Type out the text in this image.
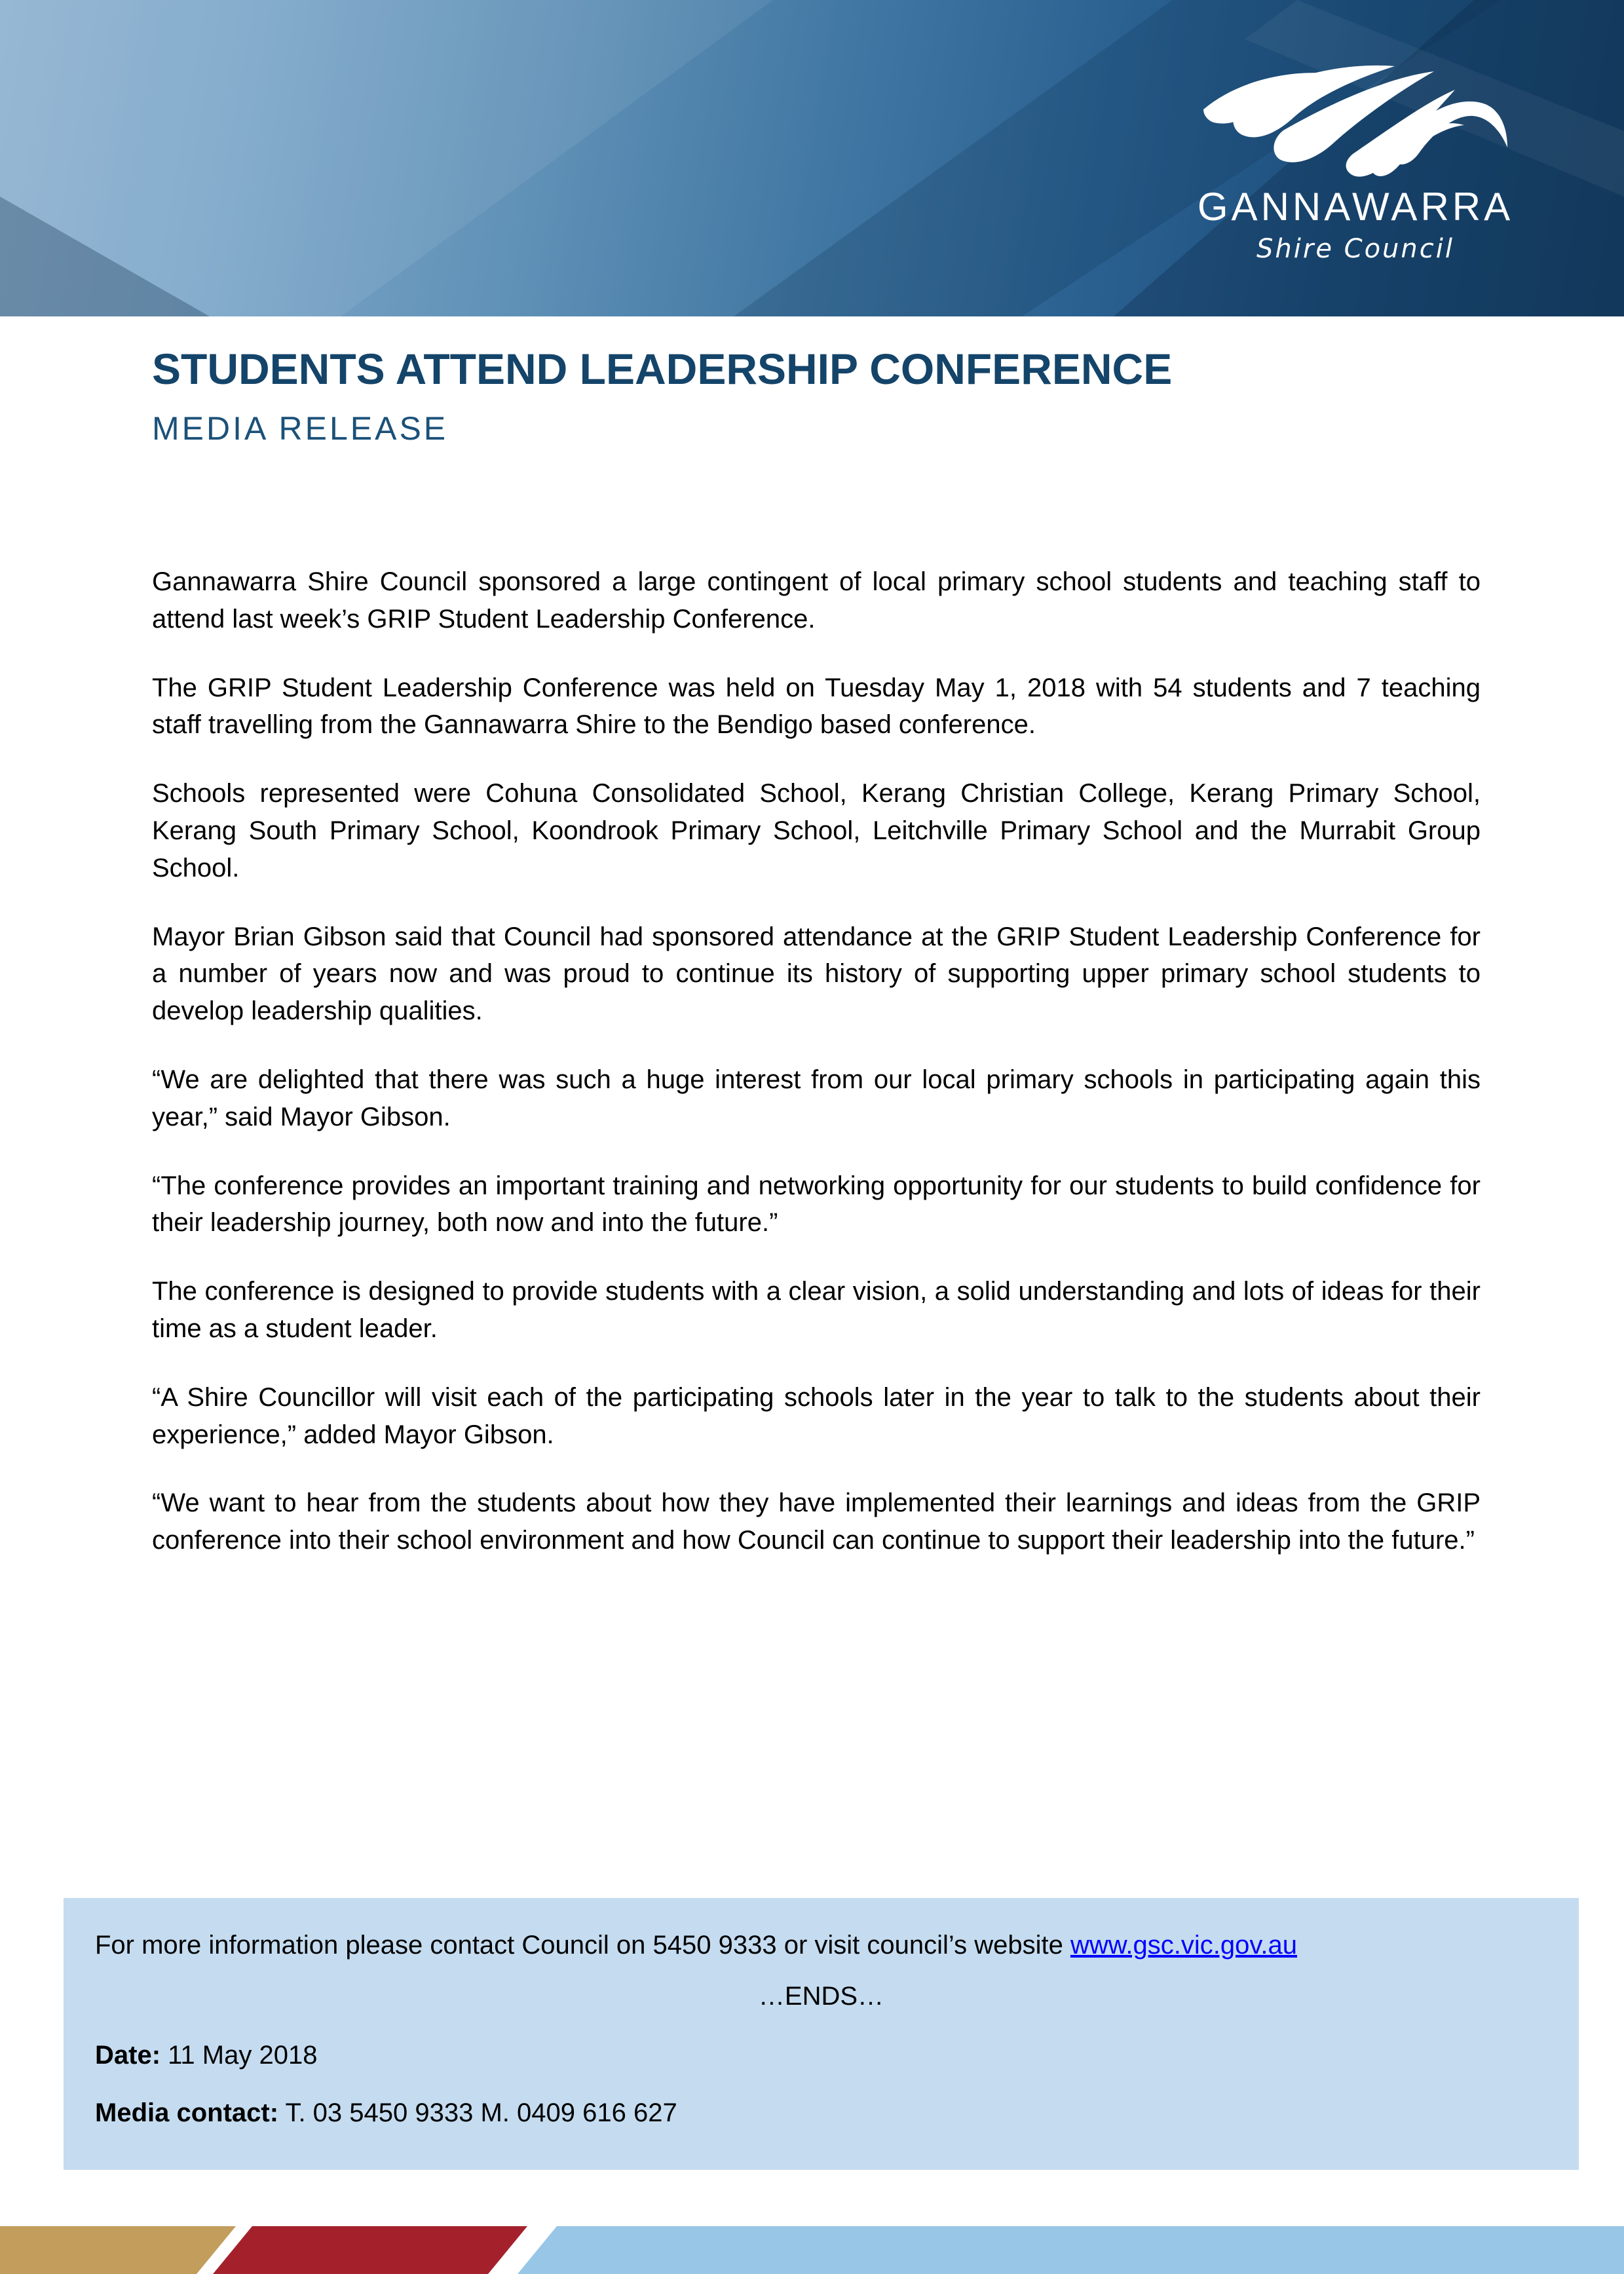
GANNAWARRA
Shire Council
STUDENTS ATTEND LEADERSHIP CONFERENCE
MEDIA RELEASE

Gannawarra Shire Council sponsored a large contingent of local primary school students and teaching staff to attend last week’s GRIP Student Leadership Conference.

The GRIP Student Leadership Conference was held on Tuesday May 1, 2018 with 54 students and 7 teaching staff travelling from the Gannawarra Shire to the Bendigo based conference.

Schools represented were Cohuna Consolidated School, Kerang Christian College, Kerang Primary School, Kerang South Primary School, Koondrook Primary School, Leitchville Primary School and the Murrabit Group School.

Mayor Brian Gibson said that Council had sponsored attendance at the GRIP Student Leadership Conference for a number of years now and was proud to continue its history of supporting upper primary school students to develop leadership qualities.

“We are delighted that there was such a huge interest from our local primary schools in participating again this year,” said Mayor Gibson.

“The conference provides an important training and networking opportunity for our students to build confidence for their leadership journey, both now and into the future.”

The conference is designed to provide students with a clear vision, a solid understanding and lots of ideas for their time as a student leader.

“A Shire Councillor will visit each of the participating schools later in the year to talk to the students about their experience,” added Mayor Gibson.

“We want to hear from the students about how they have implemented their learnings and ideas from the GRIP conference into their school environment and how Council can continue to support their leadership into the future.”

For more information please contact Council on 5450 9333 or visit council’s website www.gsc.vic.gov.au

…ENDS…

Date: 11 May 2018

Media contact: T. 03 5450 9333 M. 0409 616 627
